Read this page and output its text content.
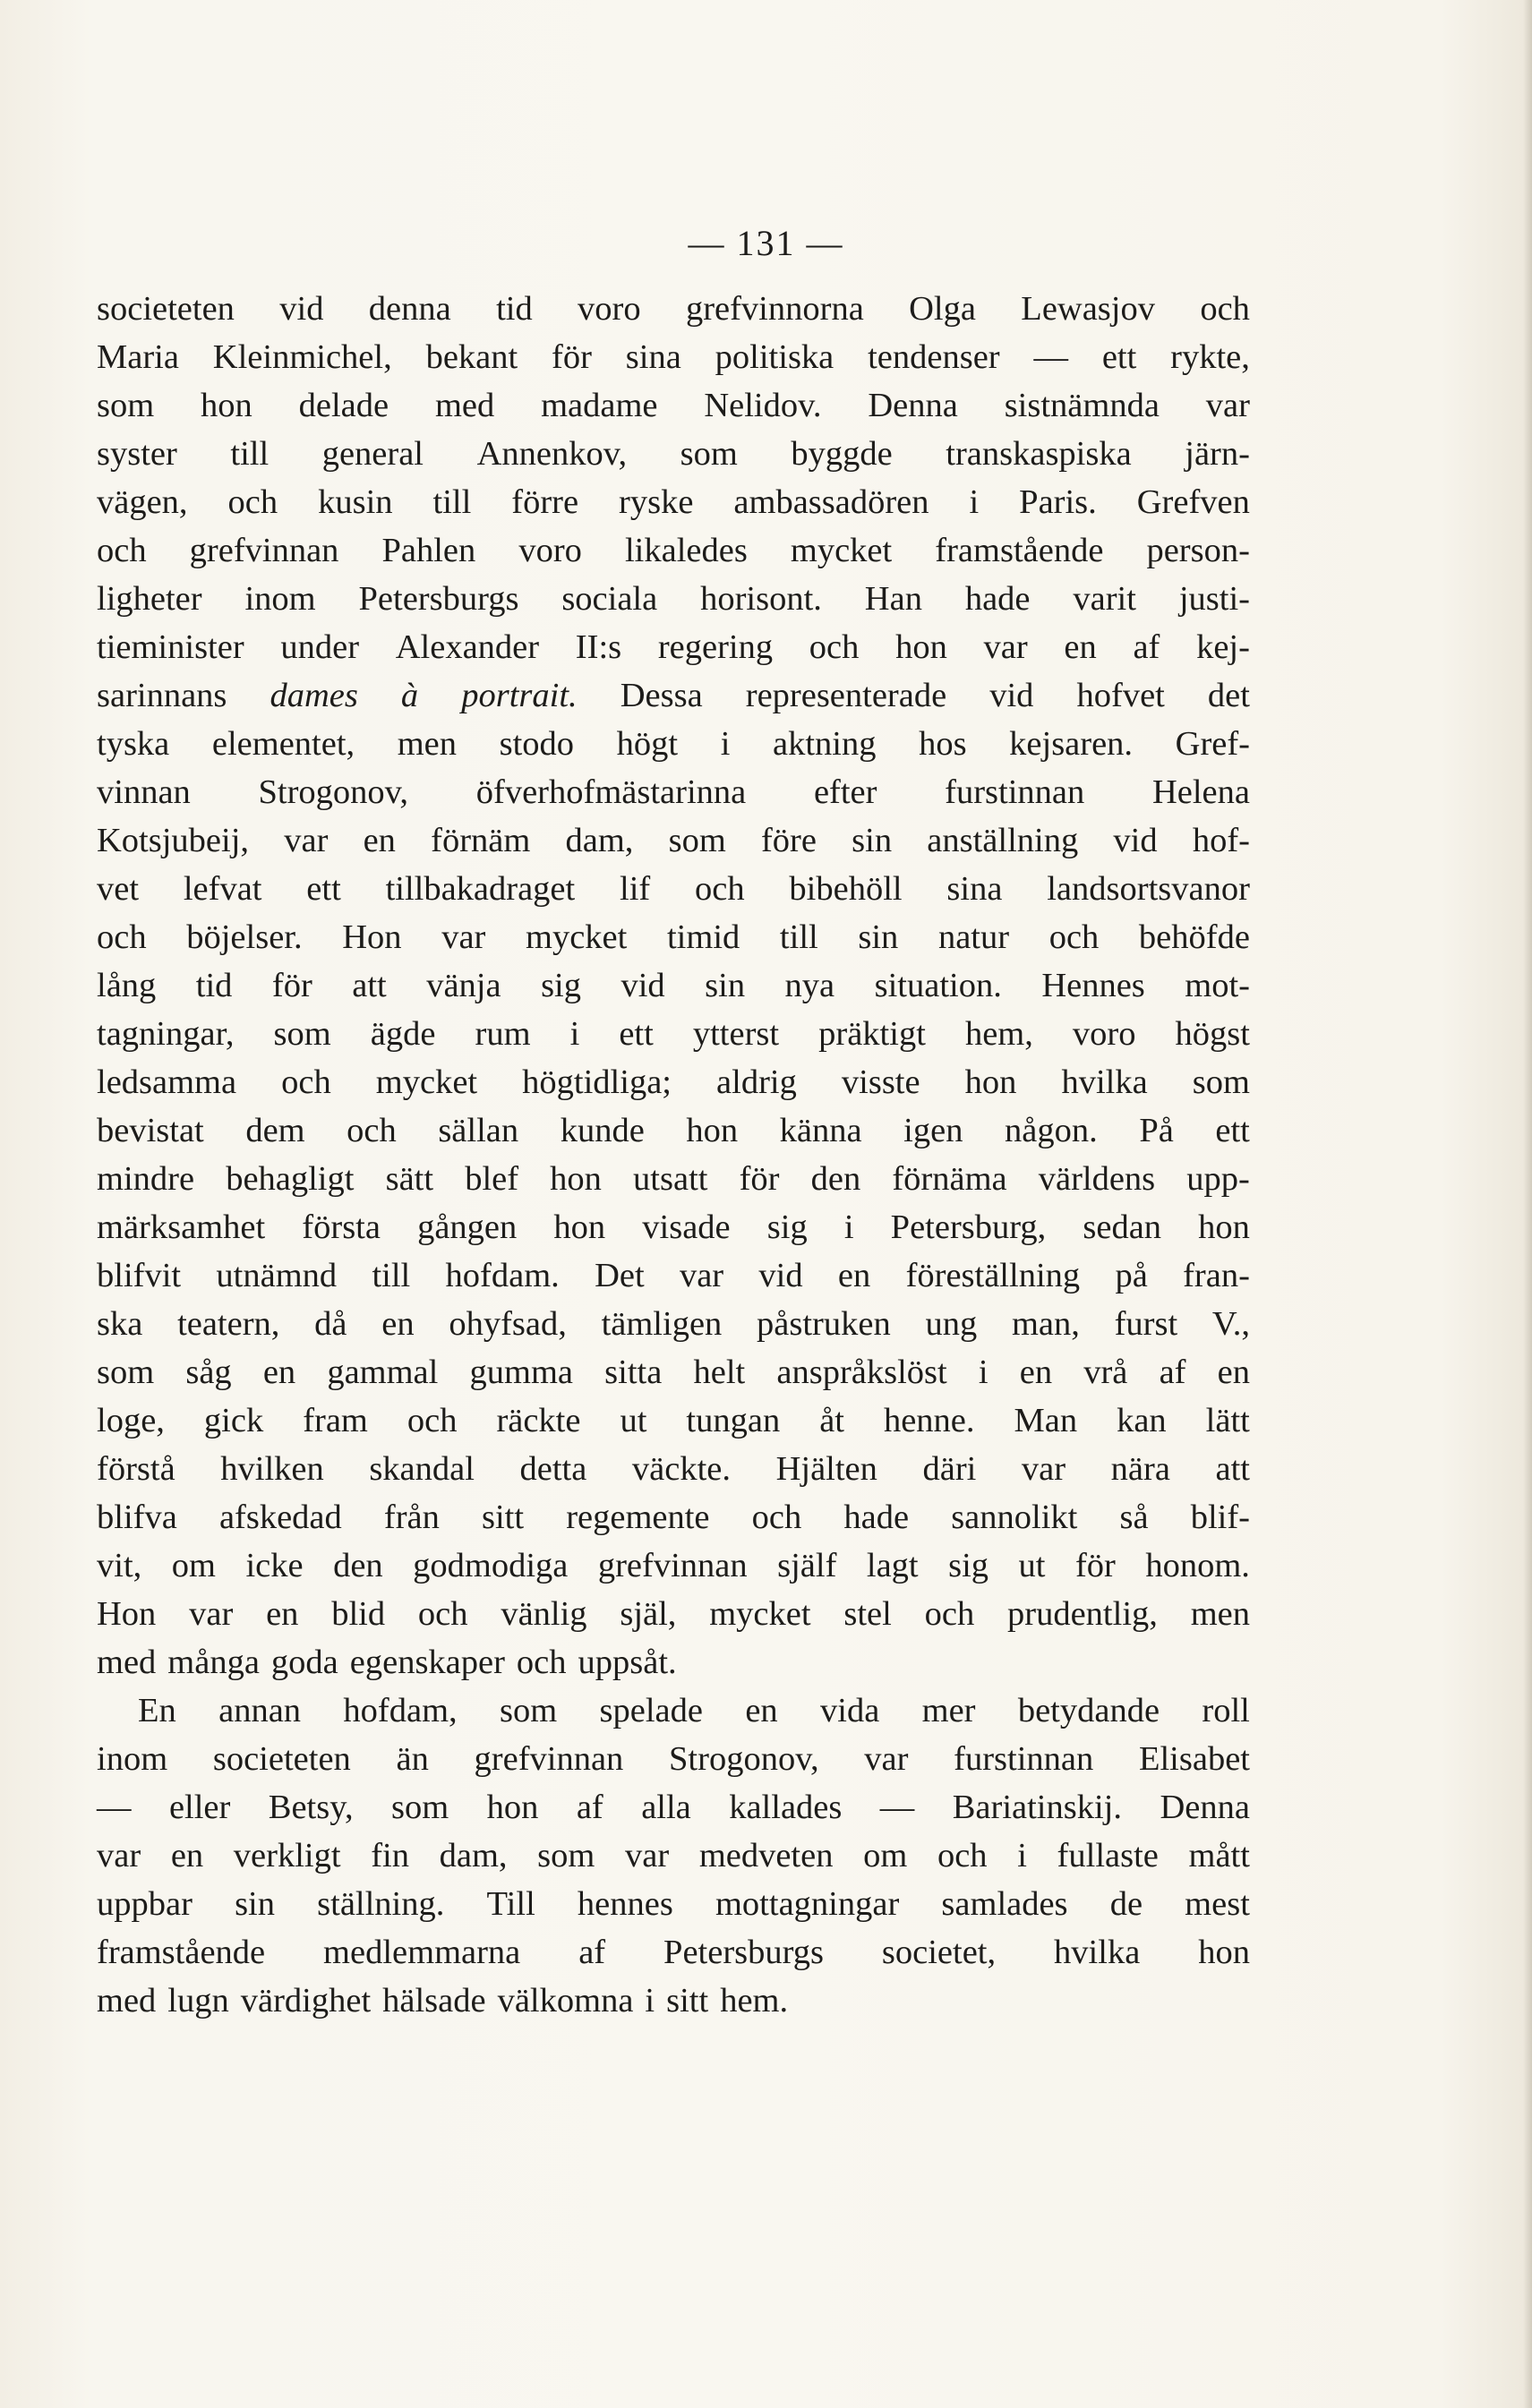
— 131 —
societeten vid denna tid voro grefvinnorna Olga Lewasjov och
Maria Kleinmichel, bekant för sina politiska tendenser — ett rykte,
som hon delade med madame Nelidov. Denna sistnämnda var
syster till general Annenkov, som byggde transkaspiska järn-
vägen, och kusin till förre ryske ambassadören i Paris. Grefven
och grefvinnan Pahlen voro likaledes mycket framstående person-
ligheter inom Petersburgs sociala horisont. Han hade varit justi-
tieminister under Alexander II:s regering och hon var en af kej-
sarinnans dames à portrait. Dessa representerade vid hofvet det
tyska elementet, men stodo högt i aktning hos kejsaren. Gref-
vinnan Strogonov, öfverhofmästarinna efter furstinnan Helena
Kotsjubeij, var en förnäm dam, som före sin anställning vid hof-
vet lefvat ett tillbakadraget lif och bibehöll sina landsortsvanor
och böjelser. Hon var mycket timid till sin natur och behöfde
lång tid för att vänja sig vid sin nya situation. Hennes mot-
tagningar, som ägde rum i ett ytterst präktigt hem, voro högst
ledsamma och mycket högtidliga; aldrig visste hon hvilka som
bevistat dem och sällan kunde hon känna igen någon. På ett
mindre behagligt sätt blef hon utsatt för den förnäma världens upp-
märksamhet första gången hon visade sig i Petersburg, sedan hon
blifvit utnämnd till hofdam. Det var vid en föreställning på fran-
ska teatern, då en ohyfsad, tämligen påstruken ung man, furst V.,
som såg en gammal gumma sitta helt anspråkslöst i en vrå af en
loge, gick fram och räckte ut tungan åt henne. Man kan lätt
förstå hvilken skandal detta väckte. Hjälten däri var nära att
blifva afskedad från sitt regemente och hade sannolikt så blif-
vit, om icke den godmodiga grefvinnan själf lagt sig ut för honom.
Hon var en blid och vänlig själ, mycket stel och prudentlig, men
med många goda egenskaper och uppsåt.
En annan hofdam, som spelade en vida mer betydande roll
inom societeten än grefvinnan Strogonov, var furstinnan Elisabet
— eller Betsy, som hon af alla kallades — Bariatinskij. Denna
var en verkligt fin dam, som var medveten om och i fullaste mått
uppbar sin ställning. Till hennes mottagningar samlades de mest
framstående medlemmarna af Petersburgs societet, hvilka hon
med lugn värdighet hälsade välkomna i sitt hem.
